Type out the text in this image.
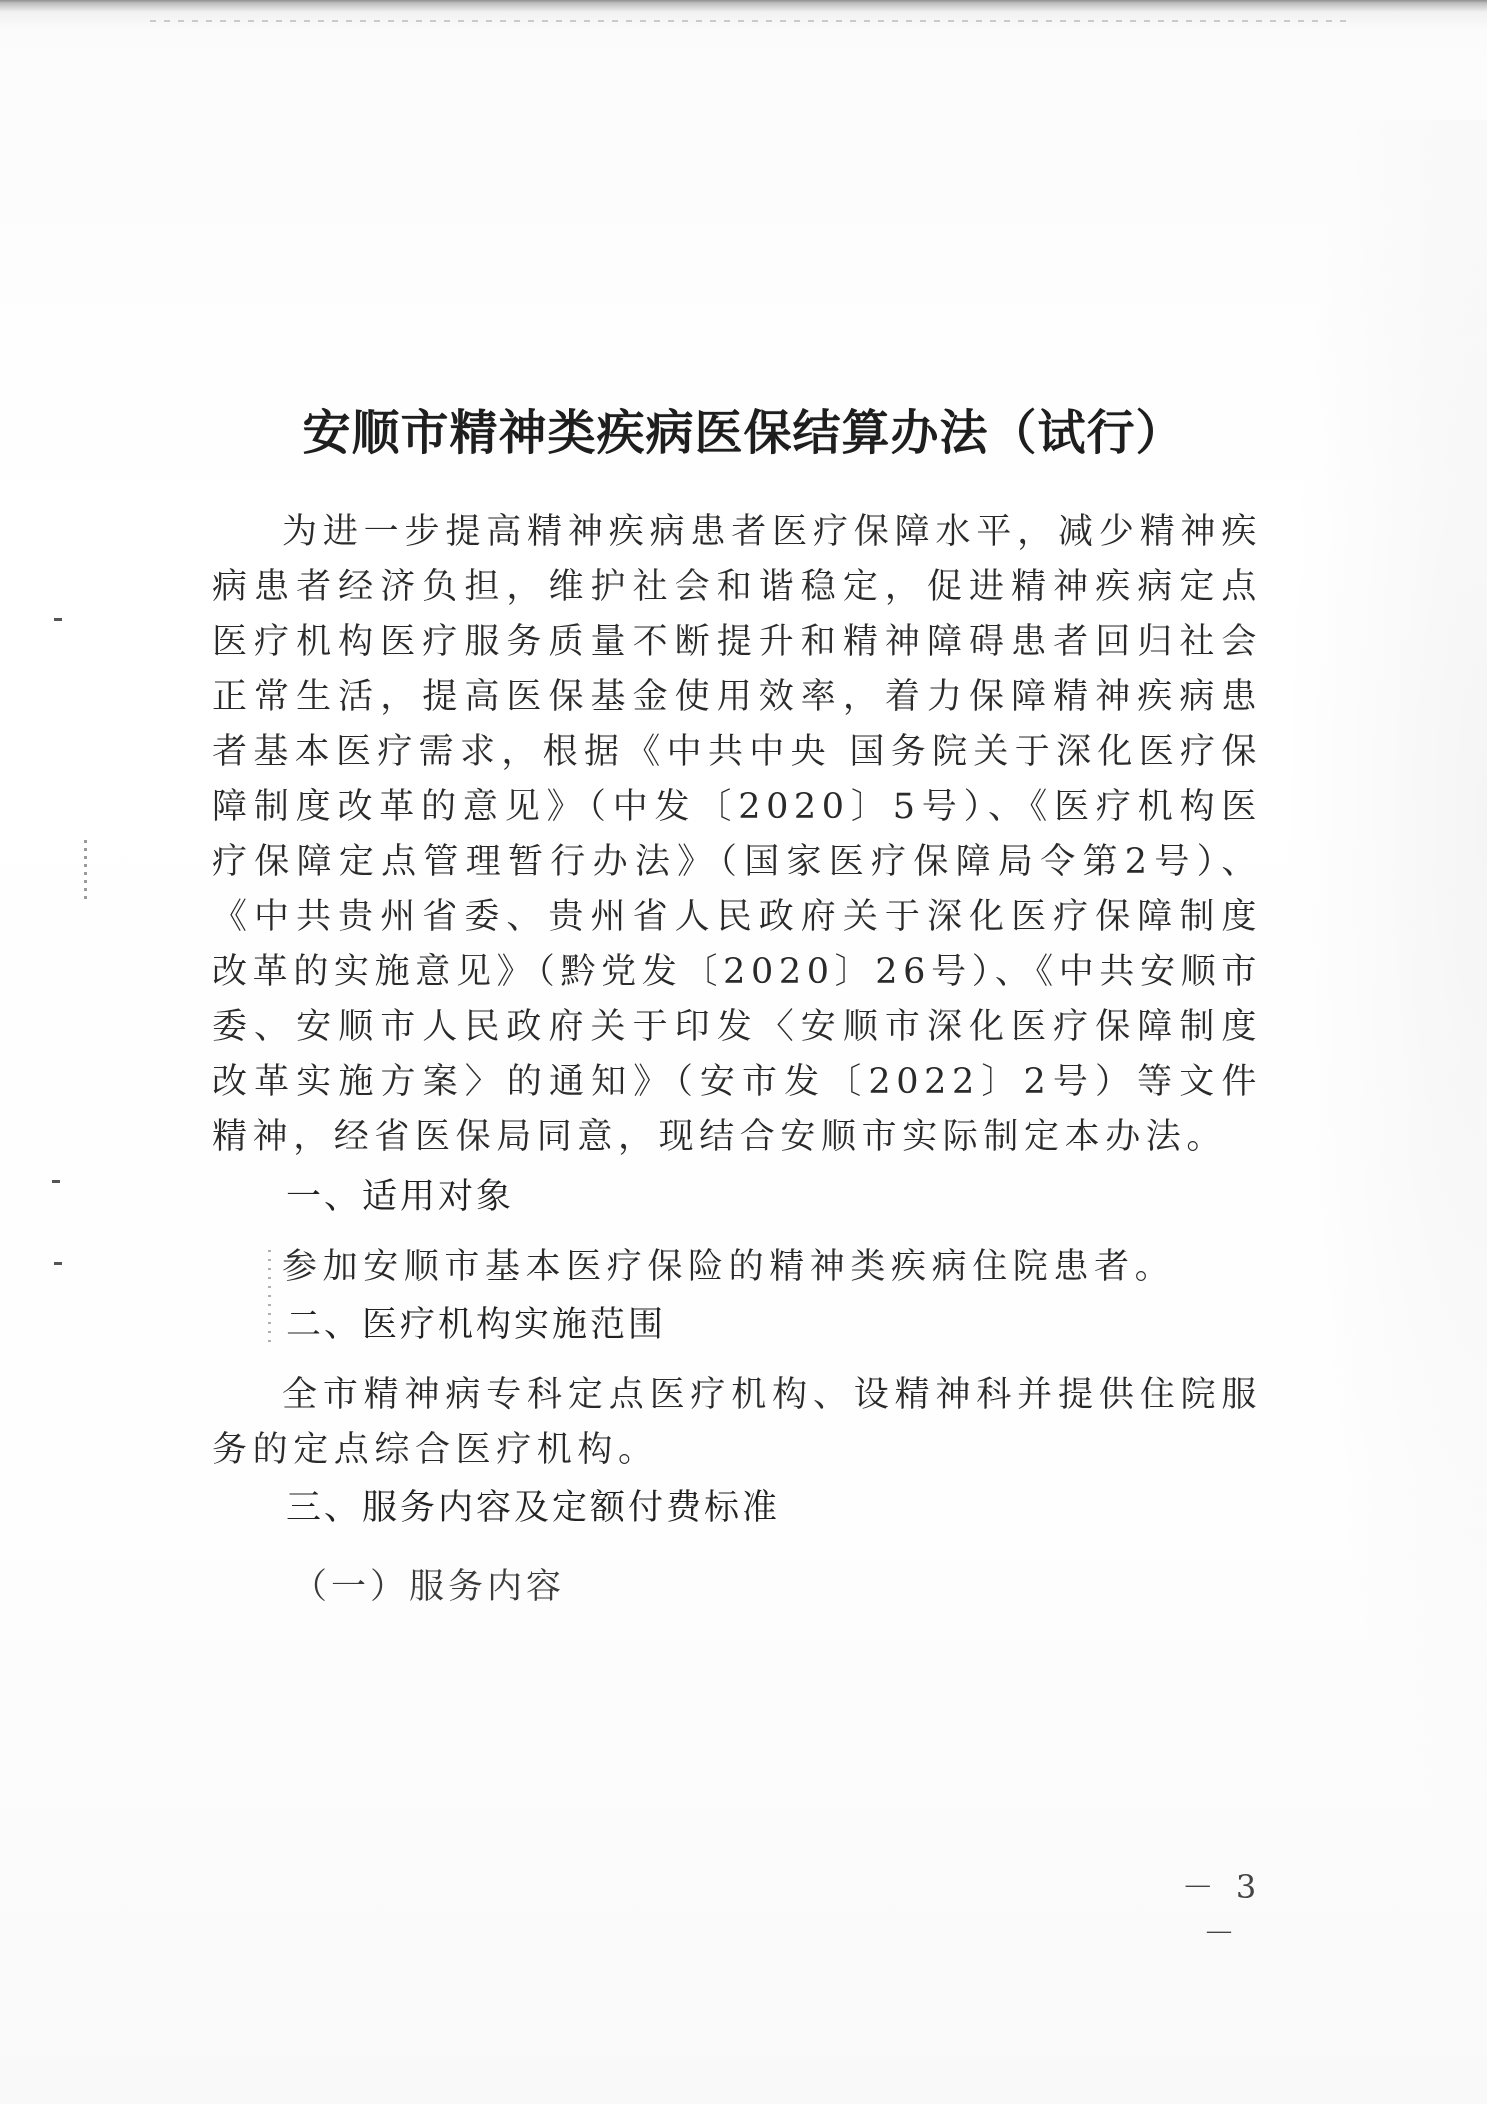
安顺市精神类疾病医保结算办法（试行）

为进一步提高精神疾病患者医疗保障水平，减少精神疾病患者经济负担，维护社会和谐稳定，促进精神疾病定点医疗机构医疗服务质量不断提升和精神障碍患者回归社会正常生活，提高医保基金使用效率，着力保障精神疾病患者基本医疗需求，根据《中共中央 国务院关于深化医疗保障制度改革的意见》（中发〔2020〕5号）、《医疗机构医疗保障定点管理暂行办法》（国家医疗保障局令第2号）、《中共贵州省委、贵州省人民政府关于深化医疗保障制度改革的实施意见》（黔党发〔2020〕26号）、《中共安顺市委、安顺市人民政府关于印发〈安顺市深化医疗保障制度改革实施方案〉的通知》（安市发〔2022〕2号）等文件精神，经省医保局同意，现结合安顺市实际制定本办法。

一、适用对象

参加安顺市基本医疗保险的精神类疾病住院患者。

二、医疗机构实施范围

全市精神病专科定点医疗机构、设精神科并提供住院服务的定点综合医疗机构。

三、服务内容及定额付费标准

（一）服务内容

－ 3 －
